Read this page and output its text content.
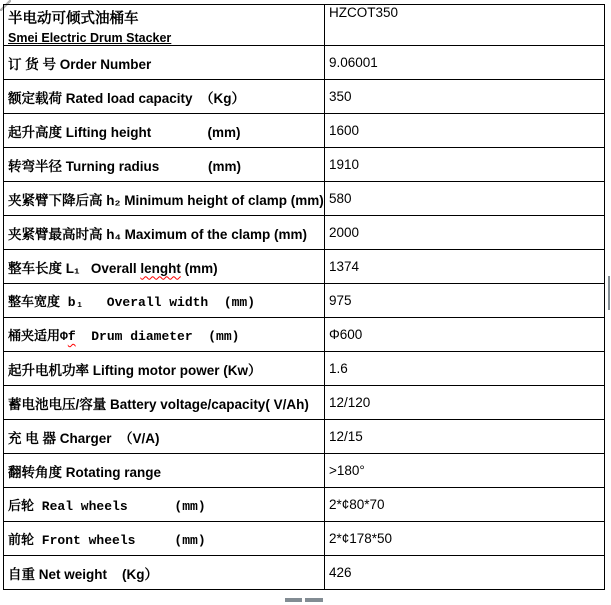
半电动可倾式油桶车
Smei Electric Drum Stacker	HZCOT350
订 货 号 Order Number	9.06001
额定载荷 Rated load capacity  （Kg）	350
起升高度 Lifting height               (mm)	1600
转弯半径 Turning radius             (mm)	1910
夹紧臂下降后高 h₂ Minimum height of clamp (mm)	580
夹紧臂最高时高 h₄ Maximum of the clamp (mm)	2000
整车长度 L₁   Overall lenght (mm)	1374
整车宽度 b₁   Overall width  (mm)	975
桶夹适用Φf  Drum diameter  (mm)	Φ600
起升电机功率 Lifting motor power (Kw）	1.6
蓄电池电压/容量 Battery voltage/capacity( V/Ah)	12/120
充 电 器 Charger  （V/A)	12/15
翻转角度 Rotating range	>180°
后轮 Real wheels      (mm)	2*¢80*70
前轮 Front wheels     (mm)	2*¢178*50
自重 Net weight    (Kg）	426
